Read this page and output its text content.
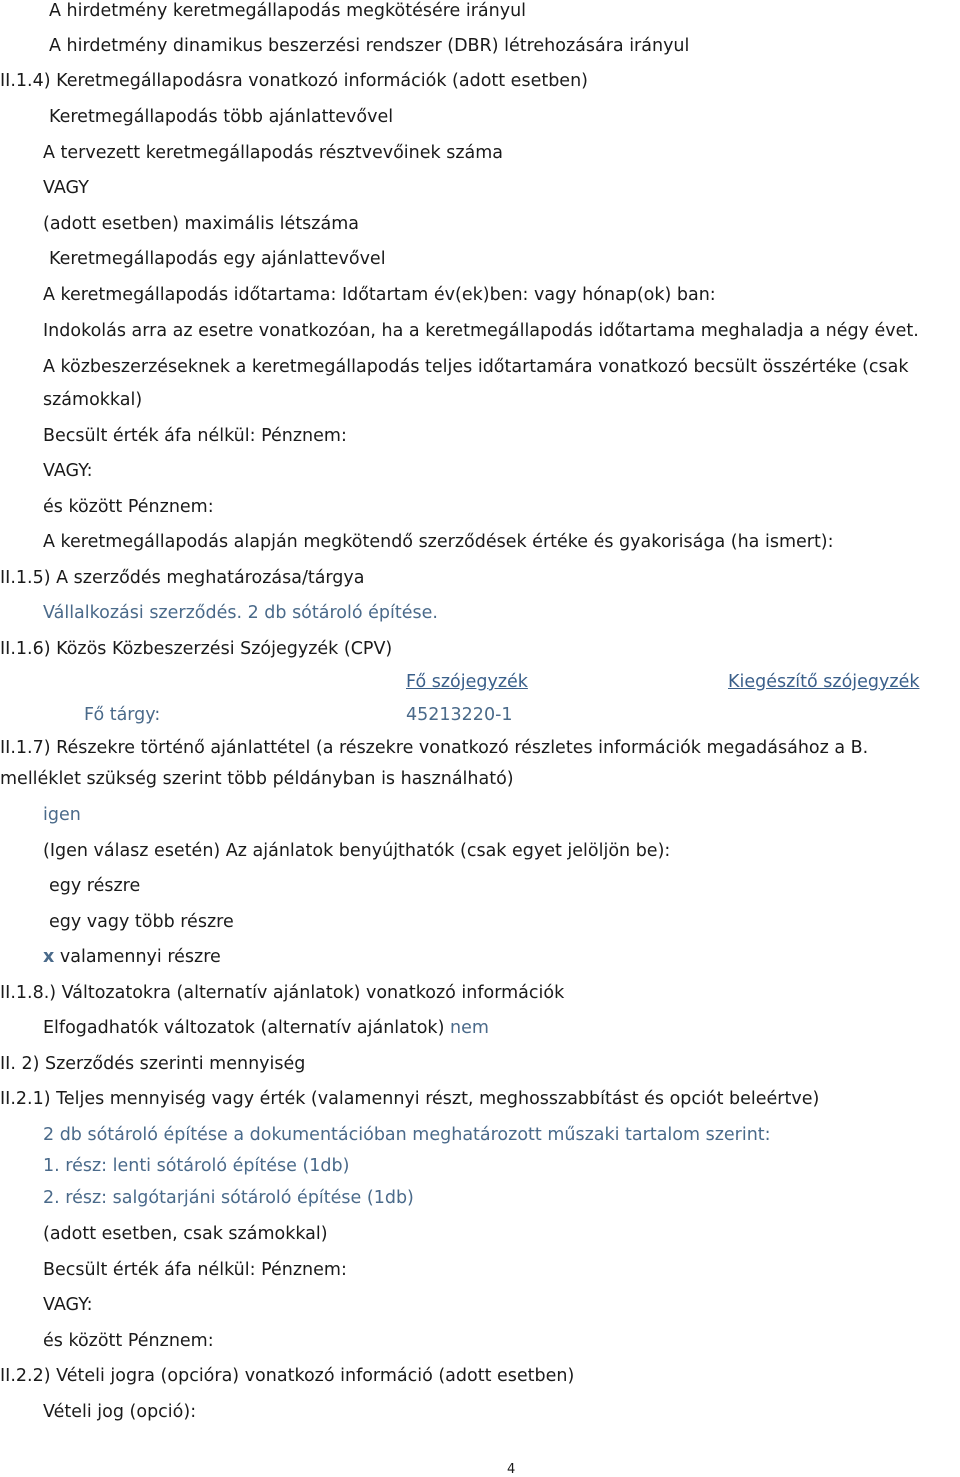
A hirdetmény keretmegállapodás megkötésére irányul
A hirdetmény dinamikus beszerzési rendszer (DBR) létrehozására irányul
II.1.4) Keretmegállapodásra vonatkozó információk (adott esetben)
Keretmegállapodás több ajánlattevővel
A tervezett keretmegállapodás résztvevőinek száma
VAGY
(adott esetben) maximális létszáma
Keretmegállapodás egy ajánlattevővel
A keretmegállapodás időtartama: Időtartam év(ek)ben: vagy hónap(ok) ban:
Indokolás arra az esetre vonatkozóan, ha a keretmegállapodás időtartama meghaladja a négy évet.
A közbeszerzéseknek a keretmegállapodás teljes időtartamára vonatkozó becsült összértéke (csak
számokkal)
Becsült érték áfa nélkül: Pénznem:
VAGY:
és között Pénznem:
A keretmegállapodás alapján megkötendő szerződések értéke és gyakorisága (ha ismert):
II.1.5) A szerződés meghatározása/tárgya
Vállalkozási szerződés. 2 db sótároló építése.
II.1.6) Közös Közbeszerzési Szójegyzék (CPV)
Fő szójegyzék	Kiegészítő szójegyzék
Fő tárgy:	45213220-1
II.1.7) Részekre történő ajánlattétel (a részekre vonatkozó részletes információk megadásához a B.
melléklet szükség szerint több példányban is használható)
igen
(Igen válasz esetén) Az ajánlatok benyújthatók (csak egyet jelöljön be):
egy részre
egy vagy több részre
x valamennyi részre
II.1.8.) Változatokra (alternatív ajánlatok) vonatkozó információk
Elfogadhatók változatok (alternatív ajánlatok) nem
II. 2) Szerződés szerinti mennyiség
II.2.1) Teljes mennyiség vagy érték (valamennyi részt, meghosszabbítást és opciót beleértve)
2 db sótároló építése a dokumentációban meghatározott műszaki tartalom szerint:
1. rész: lenti sótároló építése (1db)
2. rész: salgótarjáni sótároló építése (1db)
(adott esetben, csak számokkal)
Becsült érték áfa nélkül: Pénznem:
VAGY:
és között Pénznem:
II.2.2) Vételi jogra (opcióra) vonatkozó információ (adott esetben)
Vételi jog (opció):
4
